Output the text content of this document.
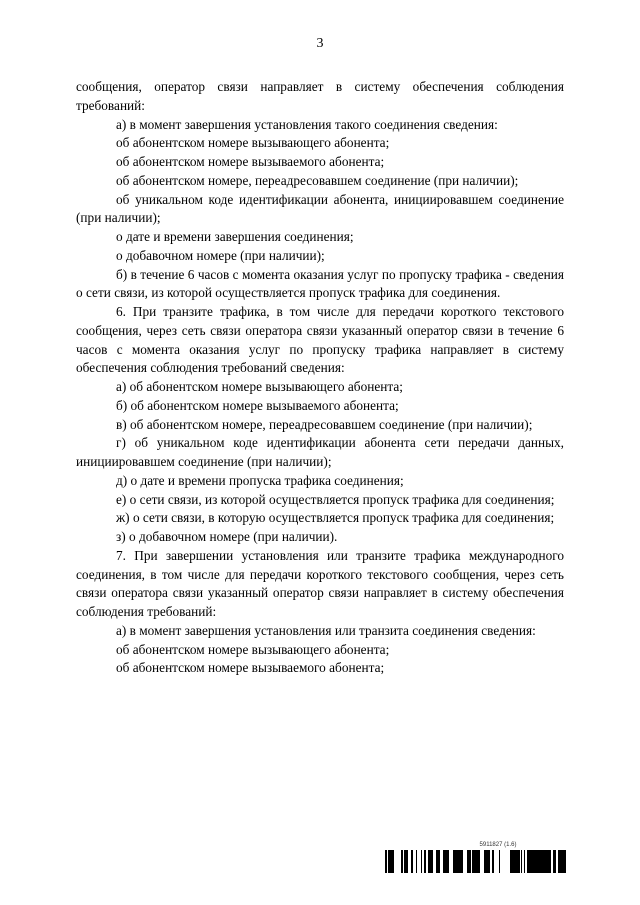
3

сообщения, оператор связи направляет в систему обеспечения соблюдения требований:

а) в момент завершения установления такого соединения сведения:

об абонентском номере вызывающего абонента;

об абонентском номере вызываемого абонента;

об абонентском номере, переадресовавшем соединение (при наличии);

об уникальном коде идентификации абонента, инициировавшем соединение (при наличии);

о дате и времени завершения соединения;

о добавочном номере (при наличии);

б) в течение 6 часов с момента оказания услуг по пропуску трафика - сведения о сети связи, из которой осуществляется пропуск трафика для соединения.

6. При транзите трафика, в том числе для передачи короткого текстового сообщения, через сеть связи оператора связи указанный оператор связи в течение 6 часов с момента оказания услуг по пропуску трафика направляет в систему обеспечения соблюдения требований сведения:

а) об абонентском номере вызывающего абонента;

б) об абонентском номере вызываемого абонента;

в) об абонентском номере, переадресовавшем соединение (при наличии);

г) об уникальном коде идентификации абонента сети передачи данных, инициировавшем соединение (при наличии);

д) о дате и времени пропуска трафика соединения;

е) о сети связи, из которой осуществляется пропуск трафика для соединения;

ж) о сети связи, в которую осуществляется пропуск трафика для соединения;

з) о добавочном номере (при наличии).

7. При завершении установления или транзите трафика международного соединения, в том числе для передачи короткого текстового сообщения, через сеть связи оператора связи указанный оператор связи направляет в систему обеспечения соблюдения требований:

а) в момент завершения установления или транзита соединения сведения:

об абонентском номере вызывающего абонента;

об абонентском номере вызываемого абонента;

5911827 (1.6)
